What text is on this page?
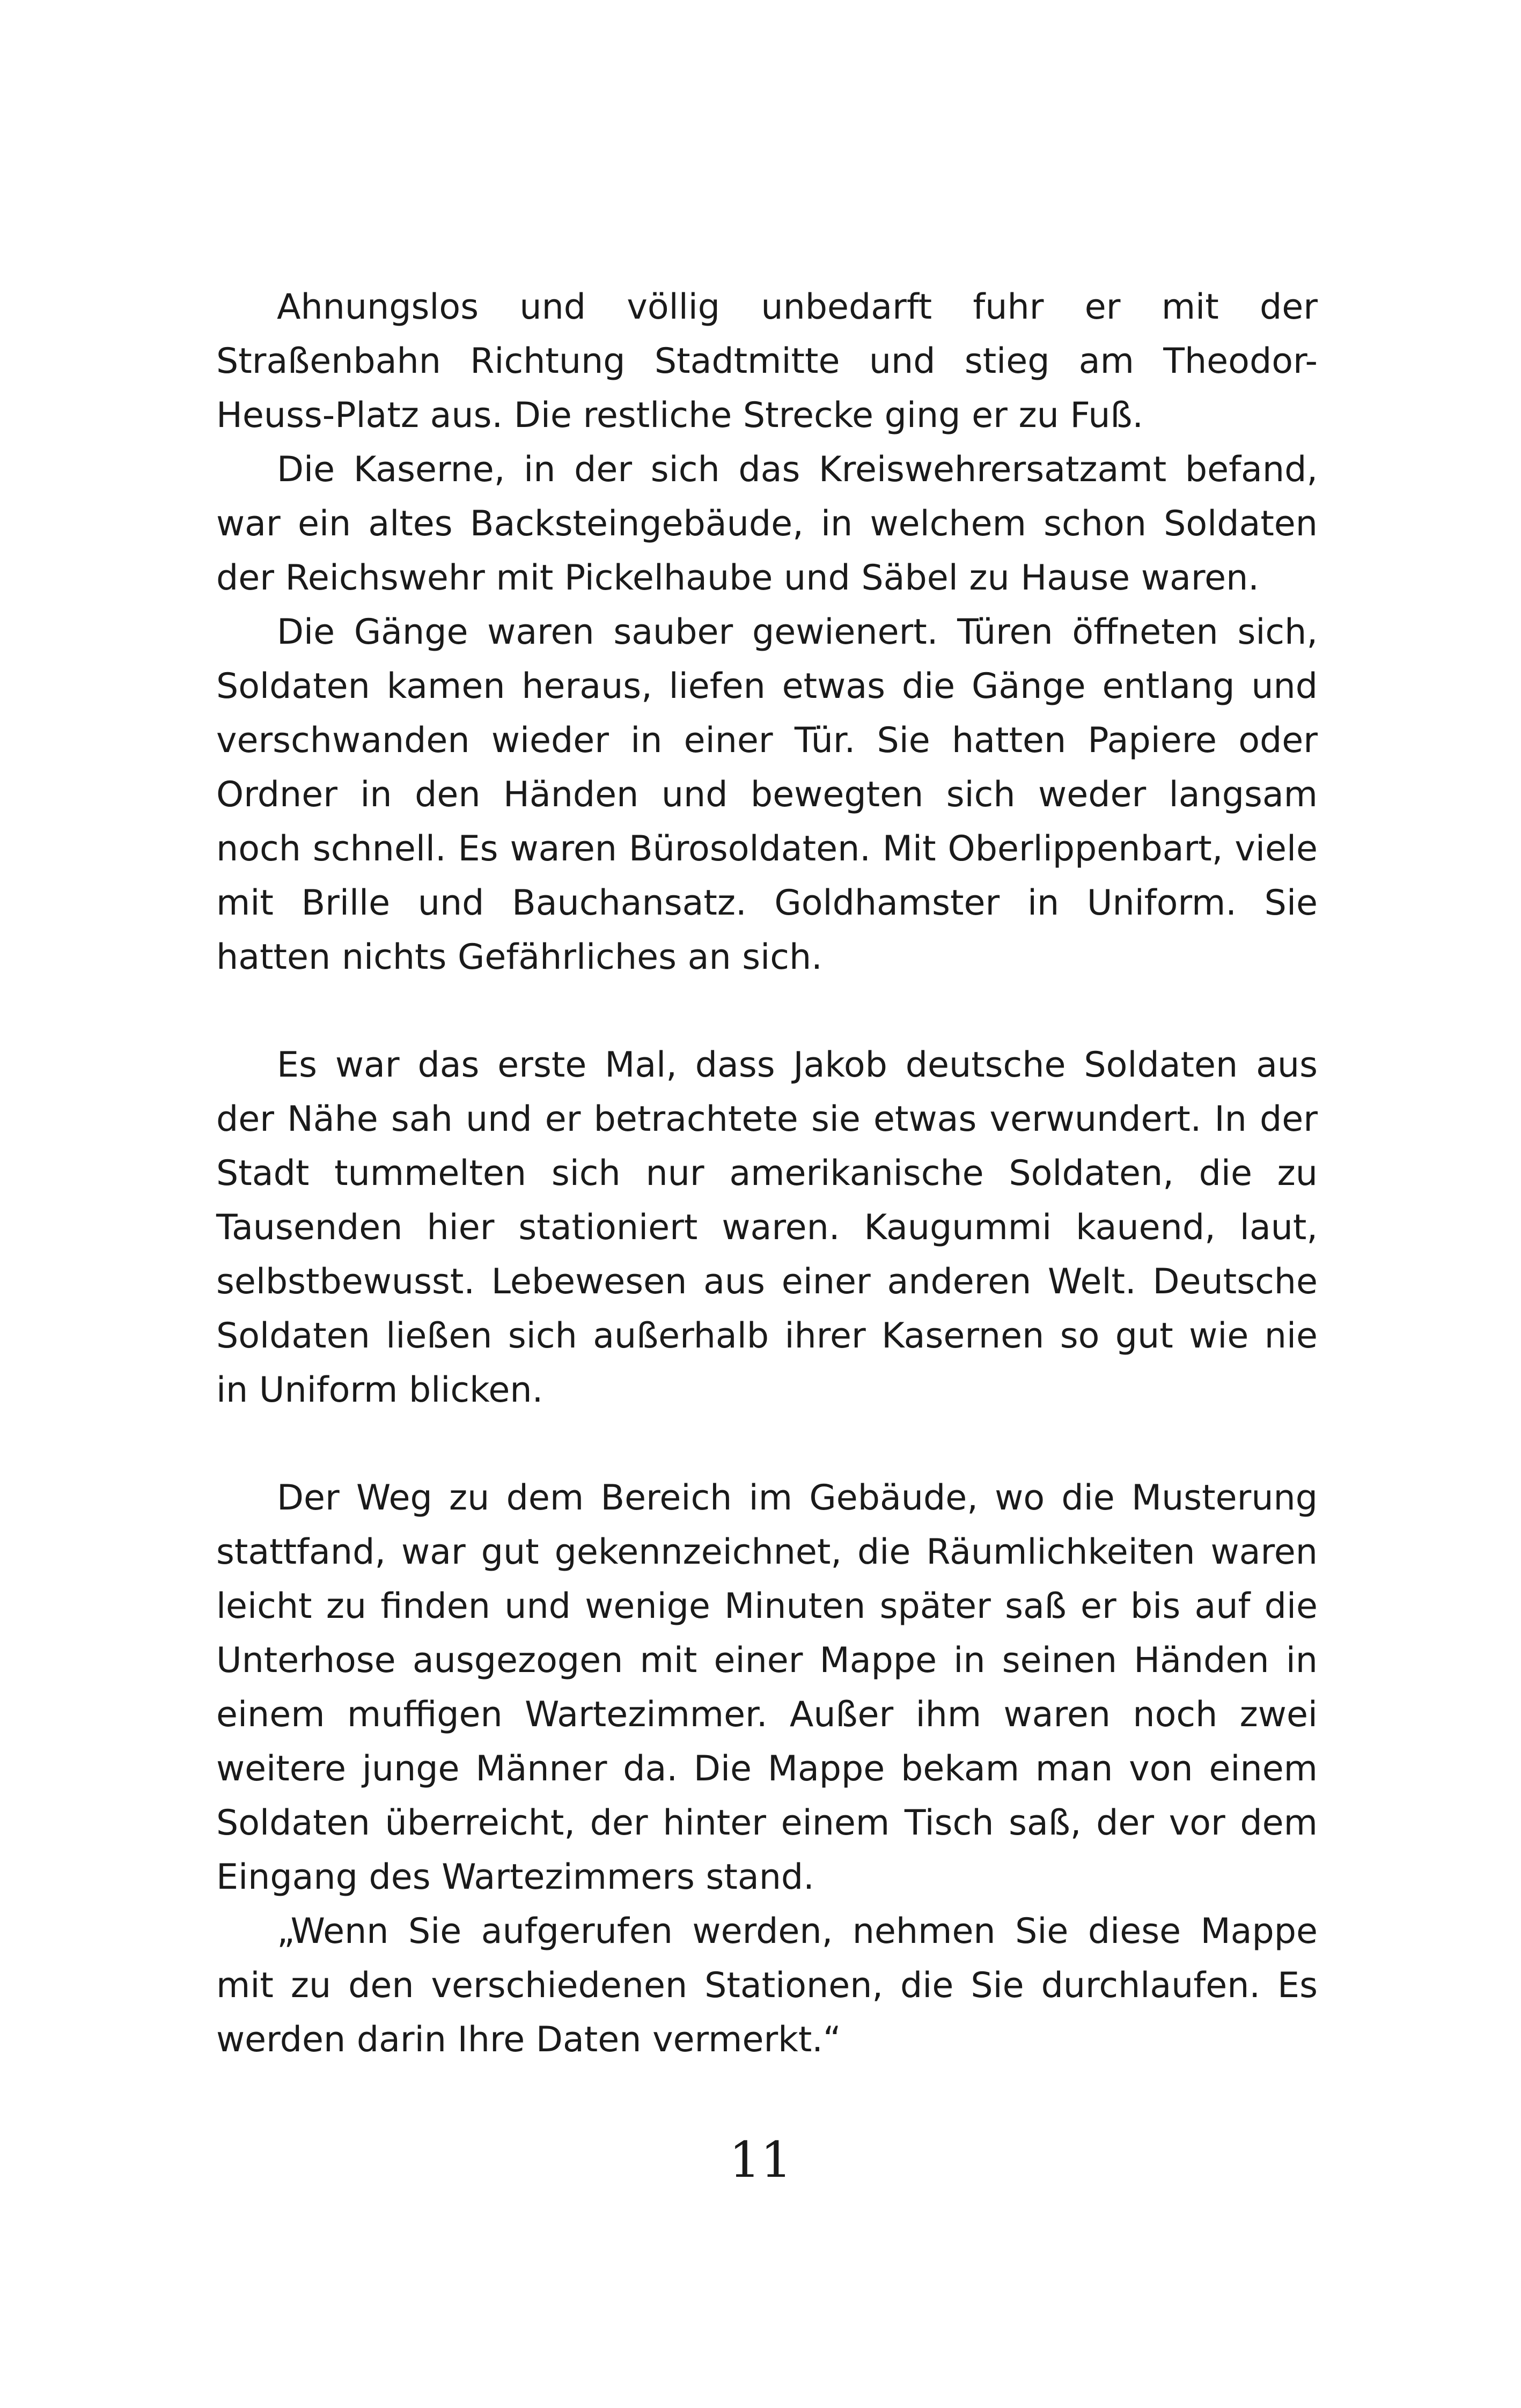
Ahnungslos und völlig unbedarft fuhr er mit der Straßenbahn Richtung Stadtmitte und stieg am Theodor-Heuss-Platz aus. Die restliche Strecke ging er zu Fuß.

Die Kaserne, in der sich das Kreiswehrersatzamt befand, war ein altes Backsteingebäude, in welchem schon Soldaten der Reichswehr mit Pickelhaube und Säbel zu Hause waren.

Die Gänge waren sauber gewienert. Türen öffneten sich, Soldaten kamen heraus, liefen etwas die Gänge entlang und verschwanden wieder in einer Tür. Sie hatten Papiere oder Ordner in den Händen und bewegten sich weder langsam noch schnell. Es waren Bürosoldaten. Mit Oberlippenbart, viele mit Brille und Bauchansatz. Goldhamster in Uniform. Sie hatten nichts Gefährliches an sich.

Es war das erste Mal, dass Jakob deutsche Soldaten aus der Nähe sah und er betrachtete sie etwas verwundert. In der Stadt tummelten sich nur amerikanische Soldaten, die zu Tausenden hier stationiert waren. Kaugummi kauend, laut, selbstbewusst. Lebewesen aus einer anderen Welt. Deutsche Soldaten ließen sich außerhalb ihrer Kasernen so gut wie nie in Uniform blicken.

Der Weg zu dem Bereich im Gebäude, wo die Musterung stattfand, war gut gekennzeichnet, die Räumlichkeiten waren leicht zu finden und wenige Minuten später saß er bis auf die Unterhose ausgezogen mit einer Mappe in seinen Händen in einem muffigen Wartezimmer. Außer ihm waren noch zwei weitere junge Männer da. Die Mappe bekam man von einem Soldaten überreicht, der hinter einem Tisch saß, der vor dem Eingang des Wartezimmers stand.

„Wenn Sie aufgerufen werden, nehmen Sie diese Mappe mit zu den verschiedenen Stationen, die Sie durchlaufen. Es werden darin Ihre Daten vermerkt.“

11
